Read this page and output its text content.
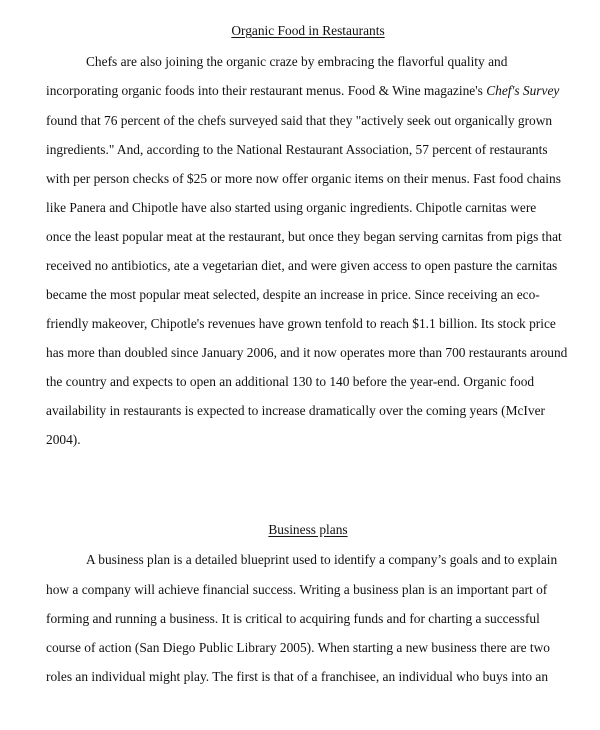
Organic Food in Restaurants
Chefs are also joining the organic craze by embracing the flavorful quality and
incorporating organic foods into their restaurant menus. Food & Wine magazine's Chef's Survey
found that 76 percent of the chefs surveyed said that they "actively seek out organically grown
ingredients." And, according to the National Restaurant Association, 57 percent of restaurants
with per person checks of $25 or more now offer organic items on their menus. Fast food chains
like Panera and Chipotle have also started using organic ingredients. Chipotle carnitas were
once the least popular meat at the restaurant, but once they began serving carnitas from pigs that
received no antibiotics, ate a vegetarian diet, and were given access to open pasture the carnitas
became the most popular meat selected, despite an increase in price. Since receiving an eco-
friendly makeover, Chipotle's revenues have grown tenfold to reach $1.1 billion. Its stock price
has more than doubled since January 2006, and it now operates more than 700 restaurants around
the country and expects to open an additional 130 to 140 before the year-end. Organic food
availability in restaurants is expected to increase dramatically over the coming years (McIver
2004).
Business plans
A business plan is a detailed blueprint used to identify a company’s goals and to explain
how a company will achieve financial success. Writing a business plan is an important part of
forming and running a business. It is critical to acquiring funds and for charting a successful
course of action (San Diego Public Library 2005). When starting a new business there are two
roles an individual might play. The first is that of a franchisee, an individual who buys into an
